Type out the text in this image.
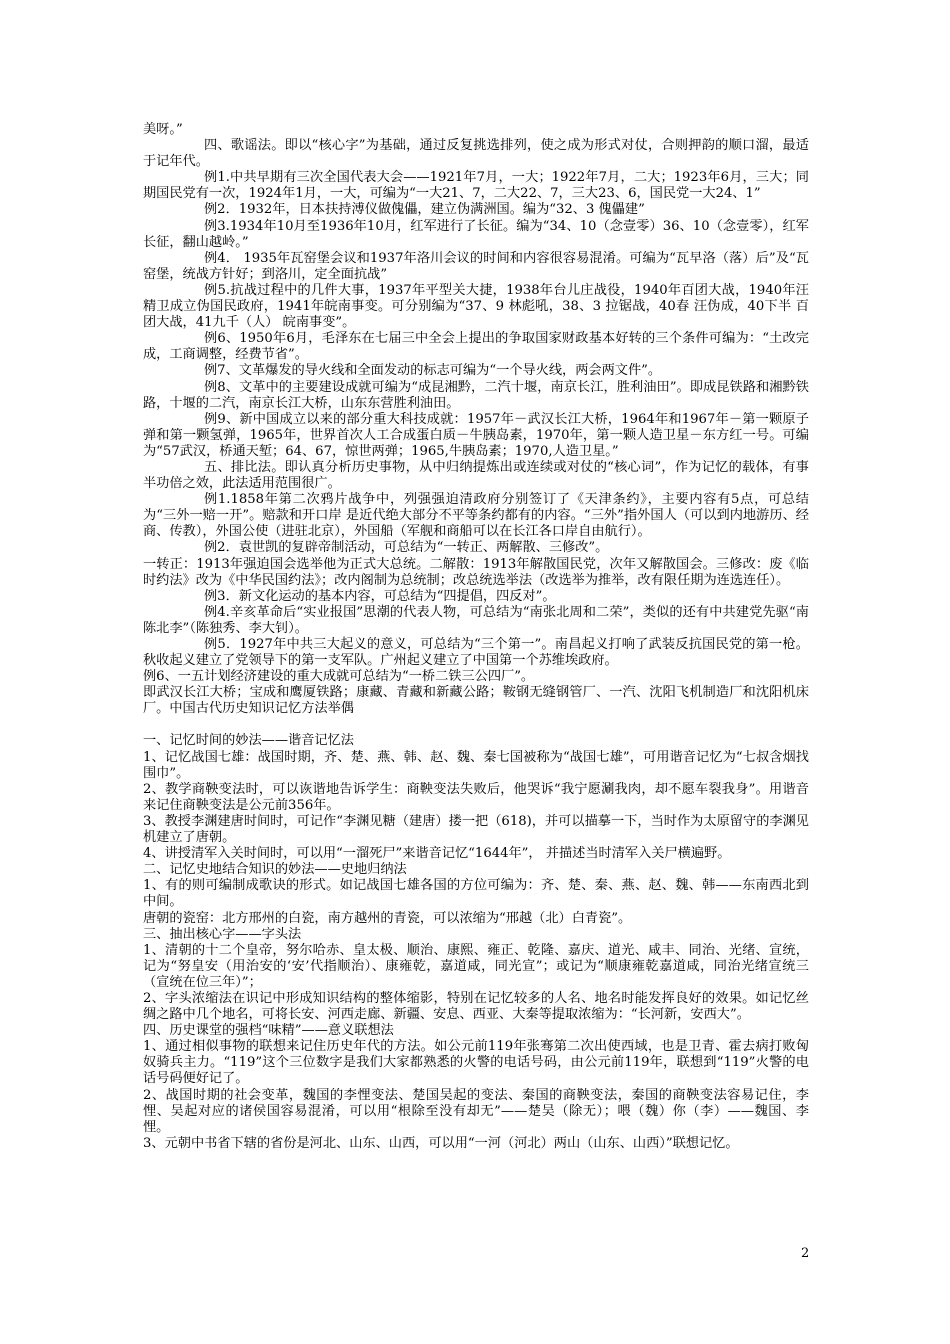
美呀。”

四、歌谣法。即以“核心字”为基础，通过反复挑选排列，使之成为形式对仗，合则押韵的顺口溜，最适于记年代。

例1.中共早期有三次全国代表大会——1921年7月，一大；1922年7月，二大；1923年6月，三大；同期国民党有一次，1924年1月，一大，可编为“一大21、7，二大22、7，三大23、6，国民党一大24、1”

例2．1932年，日本扶持溥仪做傀儡，建立伪满洲国。编为“32、3 傀儡建”

例3.1934年10月至1936年10月，红军进行了长征。编为“34、10（念壹零）36、10（念壹零），红军长征，翻山越岭。”

例4． 1935年瓦窑堡会议和1937年洛川会议的时间和内容很容易混淆。可编为“瓦早洛（落）后”及“瓦窑堡，统战方针好；到洛川，定全面抗战”

例5.抗战过程中的几件大事，1937年平型关大捷，1938年台儿庄战役，1940年百团大战，1940年汪精卫成立伪国民政府，1941年皖南事变。可分别编为“37、9 林彪吼，38、3 拉锯战，40春 汪伪成，40下半 百团大战，41九千（人） 皖南事变”。

例6、1950年6月，毛泽东在七届三中全会上提出的争取国家财政基本好转的三个条件可编为：“土改完成，工商调整，经费节省”。

例7、文革爆发的导火线和全面发动的标志可编为“一个导火线，两会两文件”。

例8、文革中的主要建设成就可编为“成昆湘黔，二汽十堰，南京长江，胜利油田”。即成昆铁路和湘黔铁路，十堰的二汽，南京长江大桥，山东东营胜利油田。

例9、新中国成立以来的部分重大科技成就：1957年－武汉长江大桥，1964年和1967年－第一颗原子弹和第一颗氢弹，1965年，世界首次人工合成蛋白质－牛胰岛素，1970年，第一颗人造卫星－东方红一号。可编为“57武汉，桥通天堑；64、67，惊世两弹；1965,牛胰岛素；1970,人造卫星。”

五、排比法。即认真分析历史事物，从中归纳提炼出或连续或对仗的“核心词”，作为记忆的载体，有事半功倍之效，此法适用范围很广。

例1.1858年第二次鸦片战争中，列强强迫清政府分别签订了《天津条约》，主要内容有5点，可总结为“三外一赔一开”。赔款和开口岸 是近代绝大部分不平等条约都有的内容。“三外”指外国人（可以到内地游历、经商、传教），外国公使（进驻北京），外国船（军舰和商船可以在长江各口岸自由航行）。

例2．袁世凯的复辟帝制活动，可总结为“一转正、两解散、三修改”。

一转正：1913年强迫国会选举他为正式大总统。二解散：1913年解散国民党，次年又解散国会。三修改：废《临时约法》改为《中华民国约法》；改内阁制为总统制；改总统选举法（改选举为推举，改有限任期为连选连任）。

例3．新文化运动的基本内容，可总结为“四提倡，四反对”。

例4.辛亥革命后“实业报国”思潮的代表人物，可总结为“南张北周和二荣”，类似的还有中共建党先驱“南陈北李”（陈独秀、李大钊）。

例5．1927年中共三大起义的意义，可总结为“三个第一”。南昌起义打响了武装反抗国民党的第一枪。秋收起义建立了党领导下的第一支军队。广州起义建立了中国第一个苏维埃政府。

例6、一五计划经济建设的重大成就可总结为“一桥二铁三公四厂”。

即武汉长江大桥；宝成和鹰厦铁路；康藏、青藏和新藏公路；鞍钢无缝钢管厂、一汽、沈阳飞机制造厂和沈阳机床厂。中国古代历史知识记忆方法举偶

一、记忆时间的妙法——谐音记忆法

1、记忆战国七雄：战国时期，齐、楚、燕、韩、赵、魏、秦七国被称为“战国七雄”，可用谐音记忆为“七叔含烟找围巾”。

2、教学商鞅变法时，可以诙谐地告诉学生：商鞅变法失败后，他哭诉“我宁愿涮我肉，却不愿车裂我身”。用谐音来记住商鞅变法是公元前356年。

3、教授李渊建唐时间时，可记作“李渊见糖（建唐）搂一把（618)，并可以描摹一下，当时作为太原留守的李渊见机建立了唐朝。

4、讲授清军入关时间时，可以用“一溜死尸”来谐音记忆“1644年”， 并描述当时清军入关尸横遍野。

二、记忆史地结合知识的妙法——史地归纳法

1、有的则可编制成歌诀的形式。如记战国七雄各国的方位可编为：齐、楚、秦、燕、赵、魏、韩——东南西北到中间。

唐朝的瓷窑：北方邢州的白瓷，南方越州的青瓷，可以浓缩为“邢越（北）白青瓷”。

三、抽出核心字——字头法

1、清朝的十二个皇帝，努尔哈赤、皇太极、顺治、康熙、雍正、乾隆、嘉庆、道光、咸丰、同治、光绪、宣统，记为“努皇安（用治安的‘安’代指顺治）、康雍乾，嘉道咸，同光宣”；或记为“顺康雍乾嘉道咸，同治光绪宣统三（宣统在位三年）”；

2、字头浓缩法在识记中形成知识结构的整体缩影，特别在记忆较多的人名、地名时能发挥良好的效果。如记忆丝绸之路中几个地名，可将长安、河西走廊、新疆、安息、西亚、大秦等提取浓缩为：“长河新，安西大”。

四、历史课堂的强档“味精”——意义联想法

1、通过相似事物的联想来记住历史年代的方法。如公元前119年张骞第二次出使西域，也是卫青、霍去病打败匈奴骑兵主力。“119”这个三位数字是我们大家都熟悉的火警的电话号码，由公元前119年，联想到“119”火警的电话号码便好记了。

2、战国时期的社会变革，魏国的李悝变法、楚国吴起的变法、秦国的商鞅变法，秦国的商鞅变法容易记住，李悝、吴起对应的诸侯国容易混淆，可以用“根除至没有却无”——楚吴（除无）；喂（魏）你（李）——魏国、李悝。

3、元朝中书省下辖的省份是河北、山东、山西，可以用“一河（河北）两山（山东、山西）”联想记忆。

2
